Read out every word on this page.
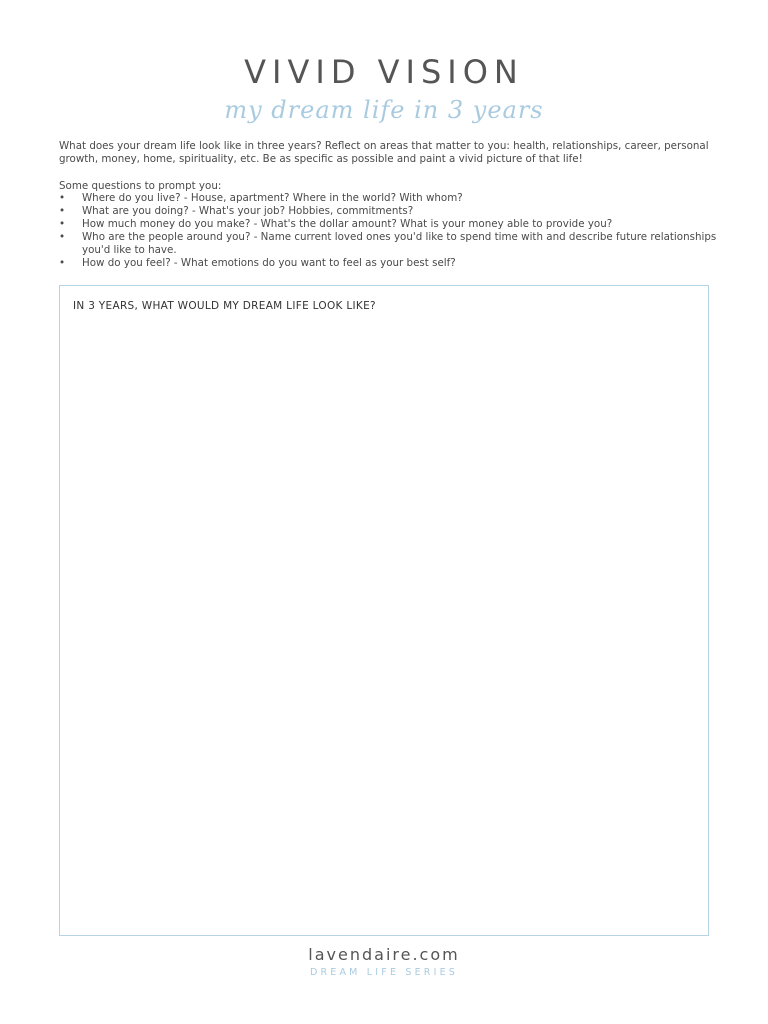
VIVID VISION
my dream life in 3 years

What does your dream life look like in three years? Reflect on areas that matter to you: health, relationships, career, personal growth, money, home, spirituality, etc. Be as specific as possible and paint a vivid picture of that life!

Some questions to prompt you:

• Where do you live? - House, apartment? Where in the world? With whom?
• What are you doing? - What's your job? Hobbies, commitments?
• How much money do you make? - What's the dollar amount? What is your money able to provide you?
• Who are the people around you? - Name current loved ones you'd like to spend time with and describe future relationships you'd like to have.
• How do you feel? - What emotions do you want to feel as your best self?
IN 3 YEARS, WHAT WOULD MY DREAM LIFE LOOK LIKE?
lavendaire.com
DREAM LIFE SERIES
